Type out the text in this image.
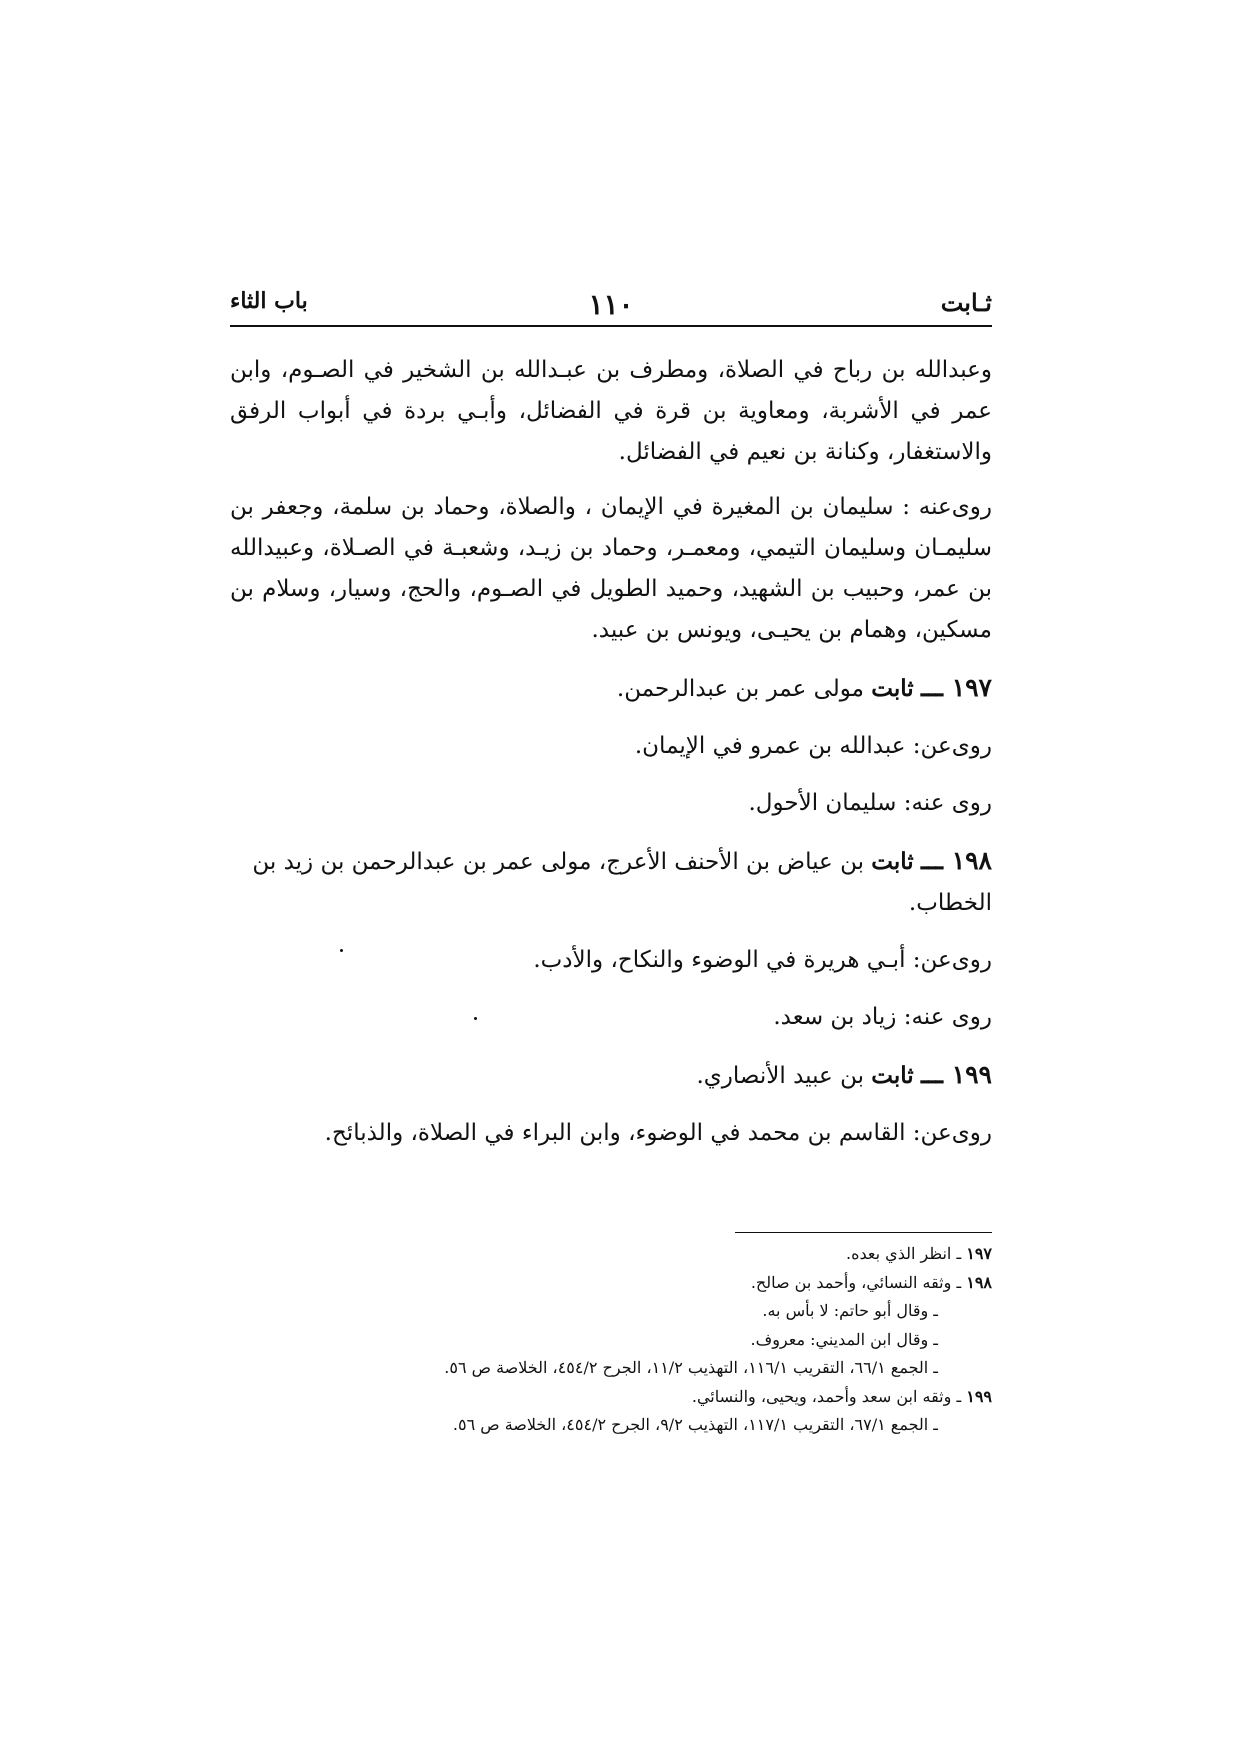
ثـابت
١١٠
باب الثاء

وعبدالله بن رباح في الصلاة، ومطرف بن عبـدالله بن الشخير في الصـوم، وابن عمر في الأشربة، ومعاوية بن قرة في الفضائل، وأبـي بردة في أبواب الرفق والاستغفار، وكنانة بن نعيم في الفضائل.

روى‌عنه : سليمان بن المغيرة في الإيمان ، والصلاة، وحماد بن سلمة، وجعفر بن سليمـان وسليمان التيمي، ومعمـر، وحماد بن زيـد، وشعبـة في الصـلاة، وعبيدالله بن عمر، وحبيب بن الشهيد، وحميد الطويل في الصـوم، والحج، وسيار، وسلام بن مسكين، وهمام بن يحيـى، ويونس بن عبيد.

١٩٧ ـــ ثابت مولى عمر بن عبدالرحمن.

روى‌عن: عبدالله بن عمرو في الإيمان.

روى عنه: سليمان الأحول.

١٩٨ ـــ ثابت بن عياض بن الأحنف الأعرج، مولى عمر بن عبدالرحمن بن زيد بن الخطاب.

روى‌عن: أبـي هريرة في الوضوء والنكاح، والأدب.

روى عنه: زياد بن سعد.

١٩٩ ـــ ثابت بن عبيد الأنصاري.

روى‌عن: القاسم بن محمد في الوضوء، وابن البراء في الصلاة، والذبائح.

١٩٧ ـ انظر الذي بعده.

١٩٨ ـ وثقه النسائي، وأحمد بن صالح.

ـ وقال أبو حاتم: لا بأس به.

ـ وقال ابن المديني: معروف.

ـ الجمع ٦٦/١، التقريب ١١٦/١، التهذيب ١١/٢، الجرح ٤٥٤/٢، الخلاصة ص ٥٦.

١٩٩ ـ وثقه ابن سعد وأحمد، ويحيى، والنسائي.

ـ الجمع ٦٧/١، التقريب ١١٧/١، التهذيب ٩/٢، الجرح ٤٥٤/٢، الخلاصة ص ٥٦.
